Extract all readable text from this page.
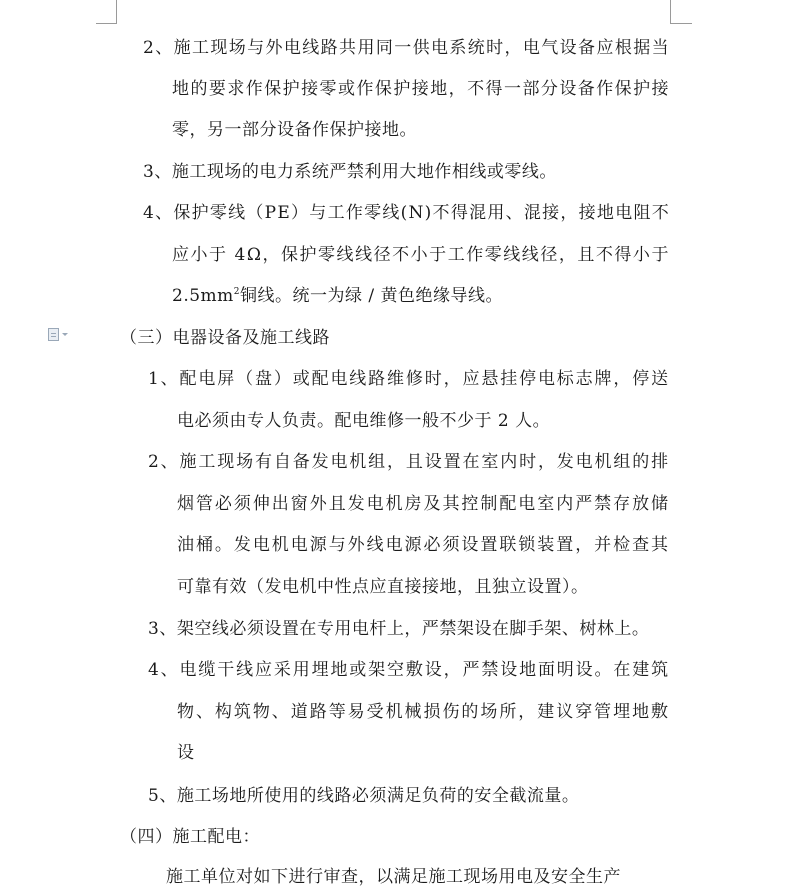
2、施工现场与外电线路共用同一供电系统时，电气设备应根据当
地的要求作保护接零或作保护接地，不得一部分设备作保护接
零，另一部分设备作保护接地。
3、施工现场的电力系统严禁利用大地作相线或零线。
4、保护零线（PE）与工作零线(N)不得混用、混接，接地电阻不
应小于 4Ω，保护零线线径不小于工作零线线径，且不得小于
$2.5mm^2$铜线。统一为绿 / 黄色绝缘导线。
（三）电器设备及施工线路
1、配电屏（盘）或配电线路维修时，应悬挂停电标志牌，停送
电必须由专人负责。配电维修一般不少于 2 人。
2、施工现场有自备发电机组，且设置在室内时，发电机组的排
烟管必须伸出窗外且发电机房及其控制配电室内严禁存放储
油桶。发电机电源与外线电源必须设置联锁装置，并检查其
可靠有效（发电机中性点应直接接地，且独立设置）。
3、架空线必须设置在专用电杆上，严禁架设在脚手架、树林上。
4、电缆干线应采用埋地或架空敷设，严禁设地面明设。在建筑
物、构筑物、道路等易受机械损伤的场所，建议穿管埋地敷
设
5、施工场地所使用的线路必须满足负荷的安全截流量。
（四）施工配电：
施工单位对如下进行审查，以满足施工现场用电及安全生产
